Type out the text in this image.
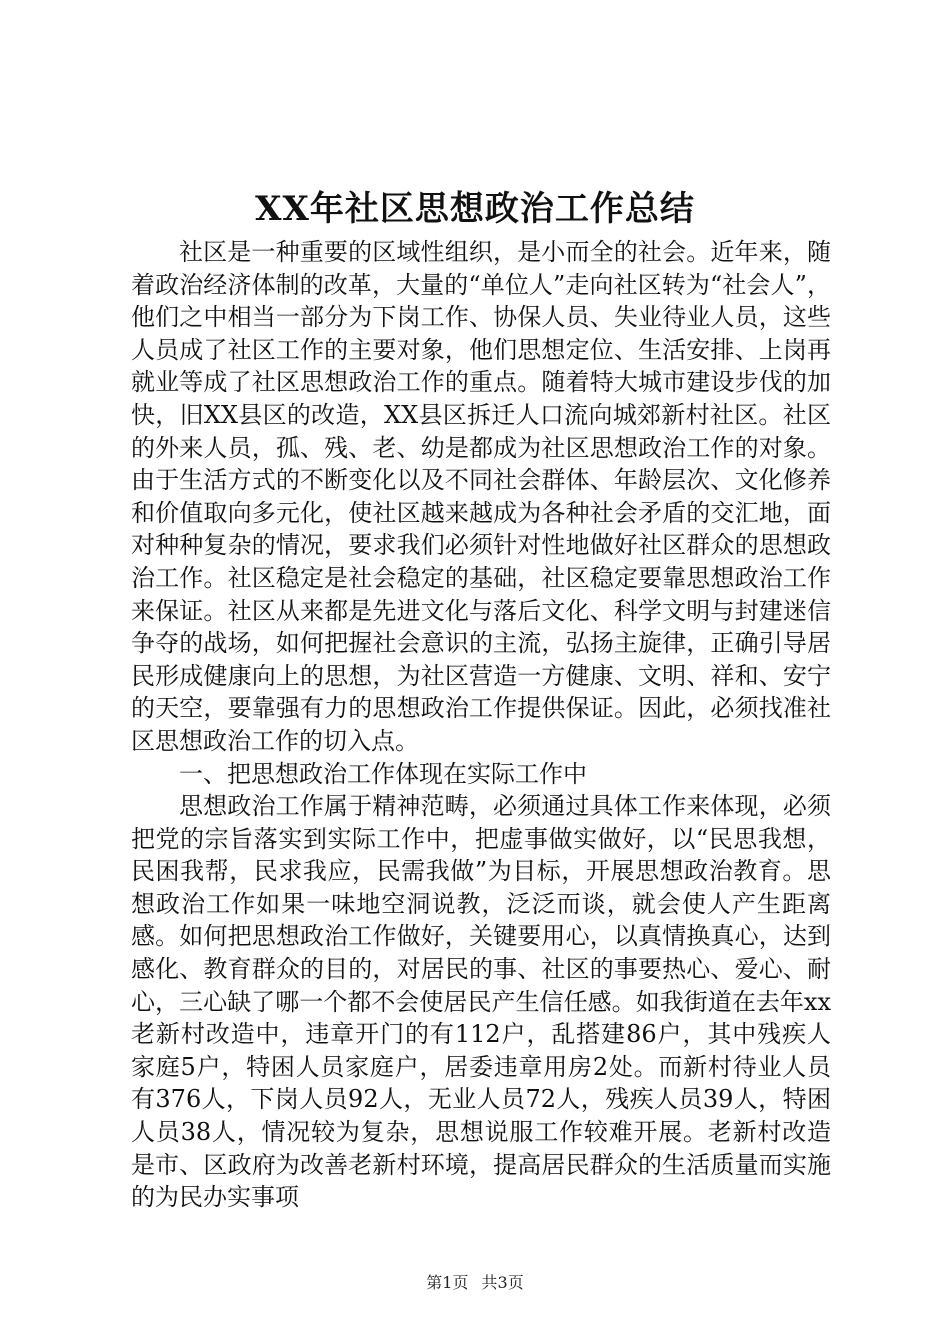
XX年社区思想政治工作总结

社区是一种重要的区域性组织，是小而全的社会。近年来，随着政治经济体制的改革，大量的“单位人”走向社区转为“社会人”，他们之中相当一部分为下岗工作、协保人员、失业待业人员，这些人员成了社区工作的主要对象，他们思想定位、生活安排、上岗再就业等成了社区思想政治工作的重点。随着特大城市建设步伐的加快，旧XX县区的改造，XX县区拆迁人口流向城郊新村社区。社区的外来人员，孤、残、老、幼是都成为社区思想政治工作的对象。由于生活方式的不断变化以及不同社会群体、年龄层次、文化修养和价值取向多元化，使社区越来越成为各种社会矛盾的交汇地，面对种种复杂的情况，要求我们必须针对性地做好社区群众的思想政治工作。社区稳定是社会稳定的基础，社区稳定要靠思想政治工作来保证。社区从来都是先进文化与落后文化、科学文明与封建迷信争夺的战场，如何把握社会意识的主流，弘扬主旋律，正确引导居民形成健康向上的思想，为社区营造一方健康、文明、祥和、安宁的天空，要靠强有力的思想政治工作提供保证。因此，必须找准社区思想政治工作的切入点。

一、把思想政治工作体现在实际工作中

思想政治工作属于精神范畴，必须通过具体工作来体现，必须把党的宗旨落实到实际工作中，把虚事做实做好，以“民思我想，民困我帮，民求我应，民需我做”为目标，开展思想政治教育。思想政治工作如果一味地空洞说教，泛泛而谈，就会使人产生距离感。如何把思想政治工作做好，关键要用心，以真情换真心，达到感化、教育群众的目的，对居民的事、社区的事要热心、爱心、耐心，三心缺了哪一个都不会使居民产生信任感。如我街道在去年xx老新村改造中，违章开门的有112户，乱搭建86户，其中残疾人家庭5户，特困人员家庭户，居委违章用房2处。而新村待业人员有376人，下岗人员92人，无业人员72人，残疾人员39人，特困人员38人，情况较为复杂，思想说服工作较难开展。老新村改造是市、区政府为改善老新村环境，提高居民群众的生活质量而实施的为民办实事项

第1页 共3页
